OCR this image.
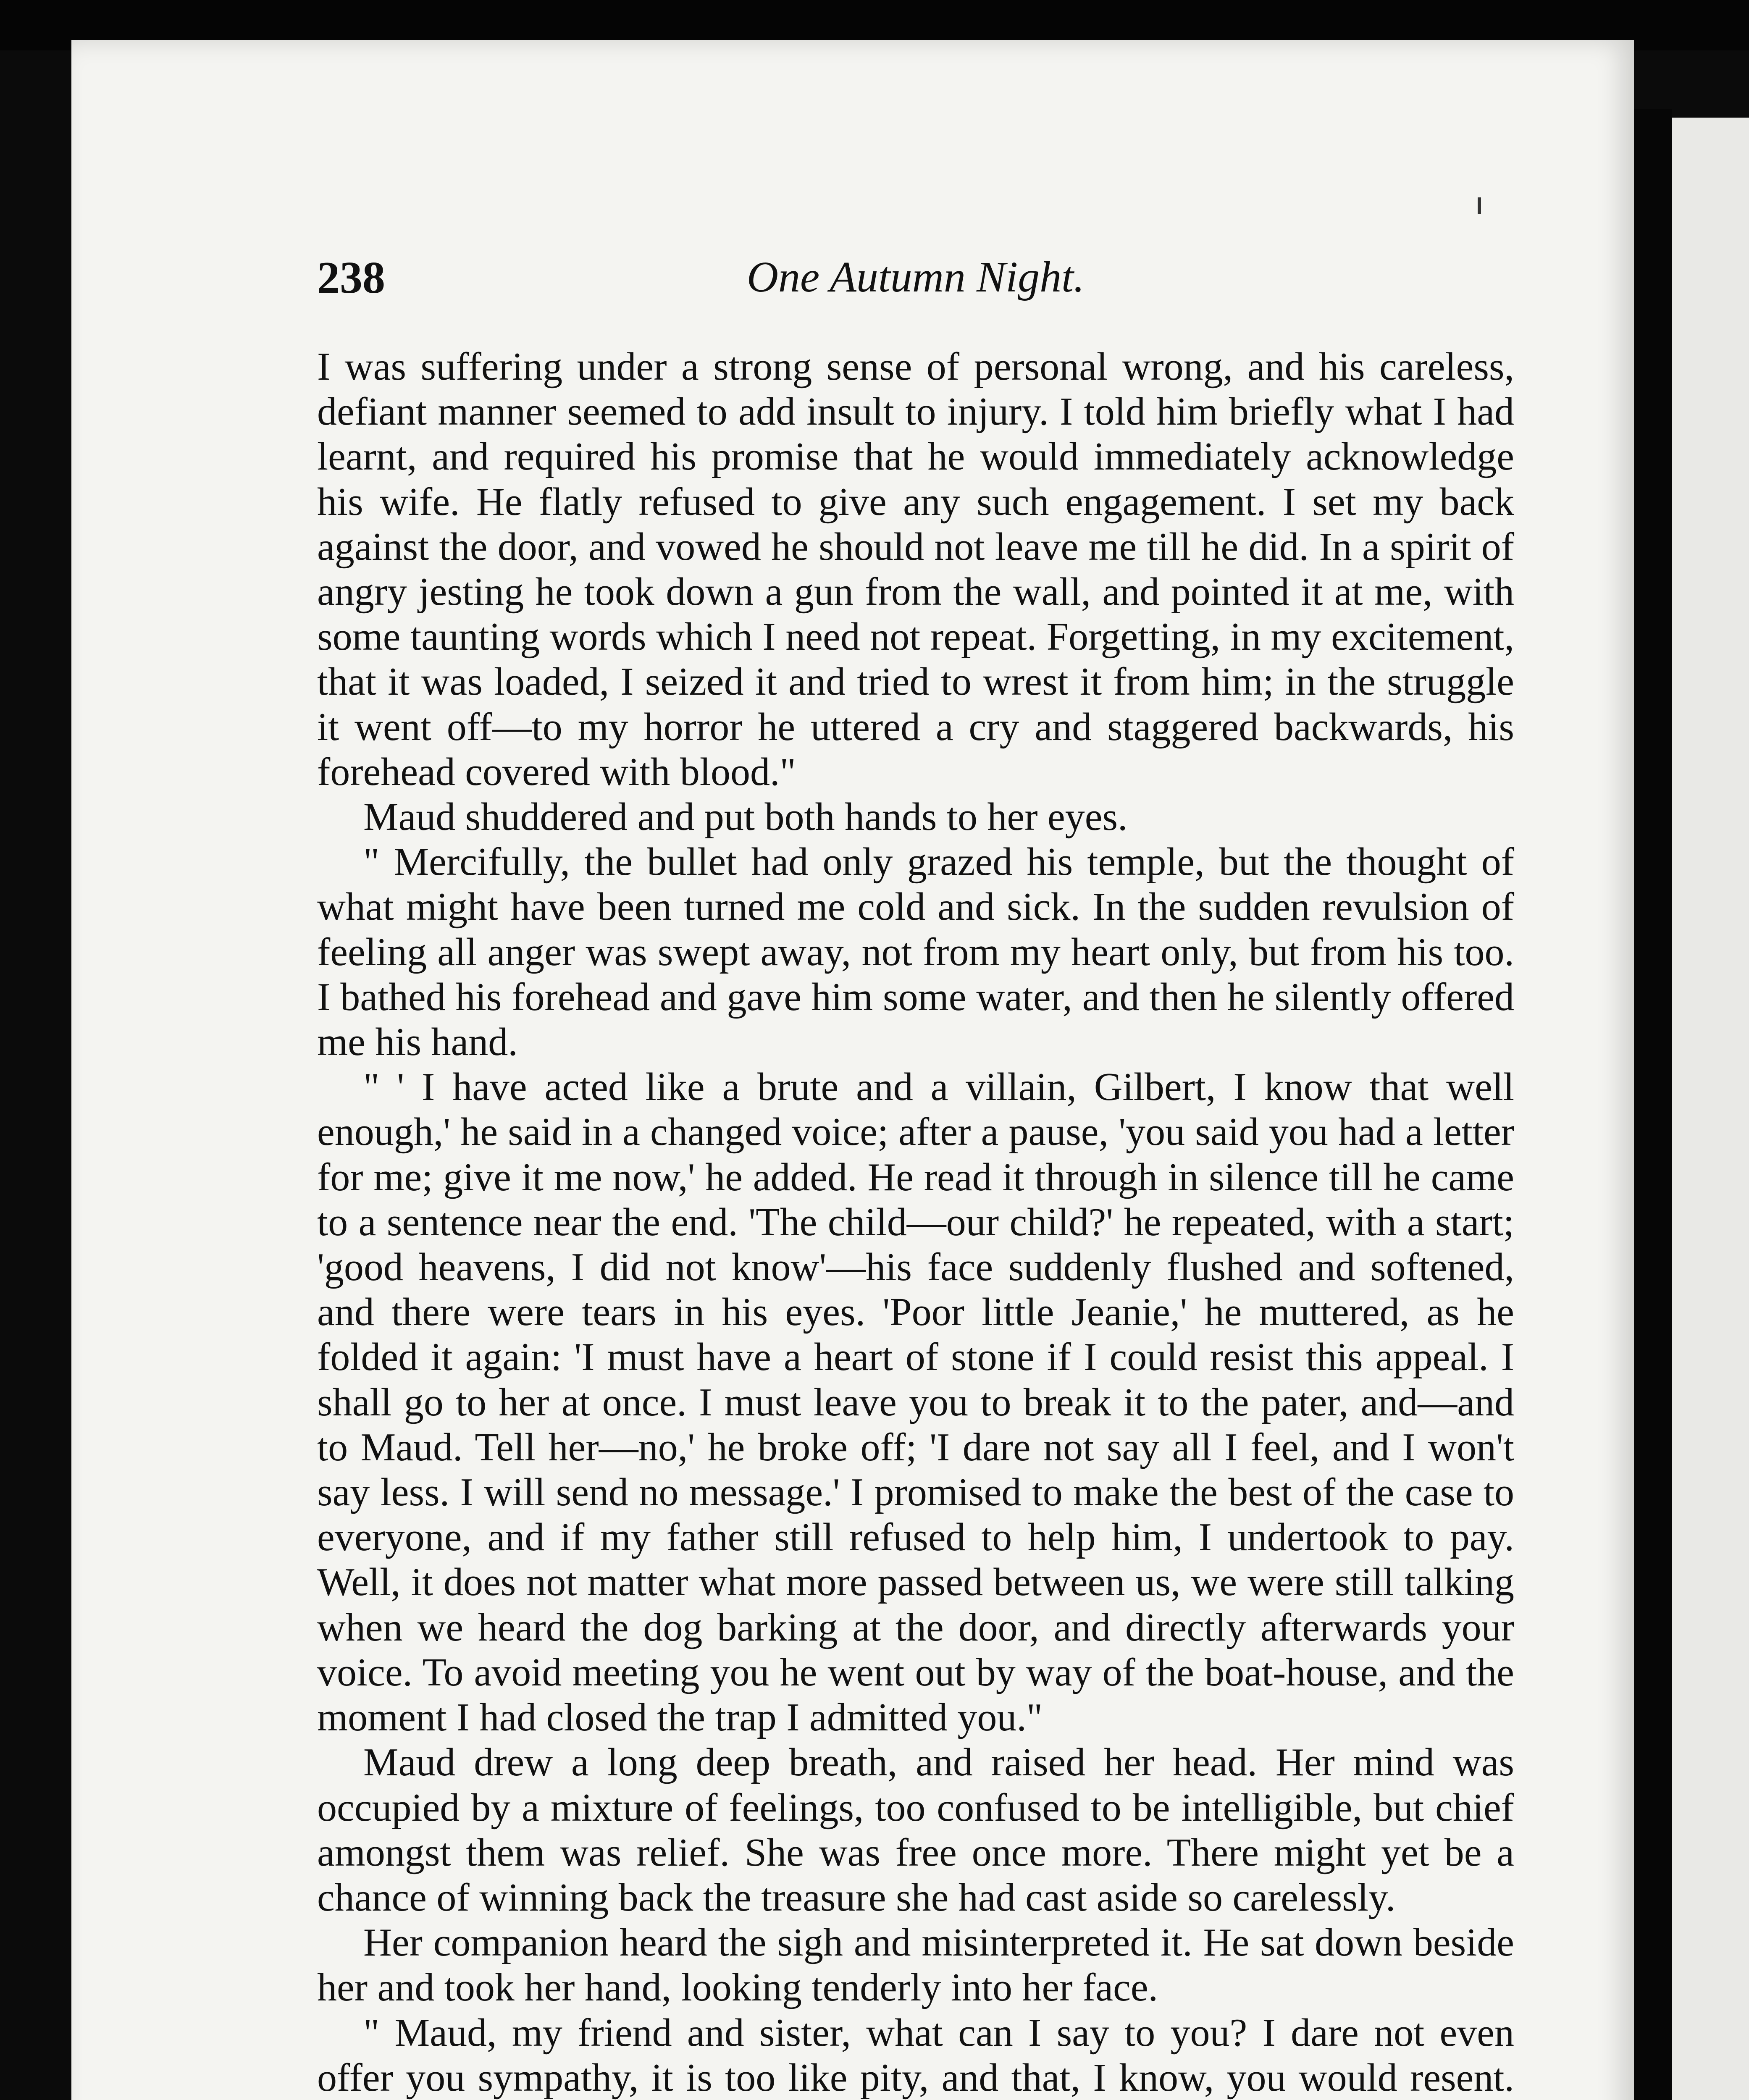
238	One Autumn Night.

I was suffering under a strong sense of personal wrong, and his careless, defiant manner seemed to add insult to injury. I told him briefly what I had learnt, and required his promise that he would immediately acknowledge his wife. He flatly refused to give any such engagement. I set my back against the door, and vowed he should not leave me till he did. In a spirit of angry jesting he took down a gun from the wall, and pointed it at me, with some taunting words which I need not repeat. Forgetting, in my excitement, that it was loaded, I seized it and tried to wrest it from him; in the struggle it went off—to my horror he uttered a cry and staggered backwards, his forehead covered with blood."

Maud shuddered and put both hands to her eyes.

" Mercifully, the bullet had only grazed his temple, but the thought of what might have been turned me cold and sick. In the sudden revulsion of feeling all anger was swept away, not from my heart only, but from his too. I bathed his forehead and gave him some water, and then he silently offered me his hand.

" ' I have acted like a brute and a villain, Gilbert, I know that well enough,' he said in a changed voice; after a pause, 'you said you had a letter for me; give it me now,' he added. He read it through in silence till he came to a sentence near the end. 'The child—our child?' he repeated, with a start; 'good heavens, I did not know'—his face suddenly flushed and softened, and there were tears in his eyes. 'Poor little Jeanie,' he muttered, as he folded it again: 'I must have a heart of stone if I could resist this appeal. I shall go to her at once. I must leave you to break it to the pater, and—and to Maud. Tell her—no,' he broke off; 'I dare not say all I feel, and I won't say less. I will send no message.' I promised to make the best of the case to everyone, and if my father still refused to help him, I undertook to pay. Well, it does not matter what more passed between us, we were still talking when we heard the dog barking at the door, and directly afterwards your voice. To avoid meeting you he went out by way of the boat-house, and the moment I had closed the trap I admitted you."

Maud drew a long deep breath, and raised her head. Her mind was occupied by a mixture of feelings, too confused to be intelligible, but chief amongst them was relief. She was free once more. There might yet be a chance of winning back the treasure she had cast aside so carelessly.

Her companion heard the sigh and misinterpreted it. He sat down beside her and took her hand, looking tenderly into her face.

" Maud, my friend and sister, what can I say to you? I dare not even offer you sympathy, it is too like pity, and that, I know, you would resent.
